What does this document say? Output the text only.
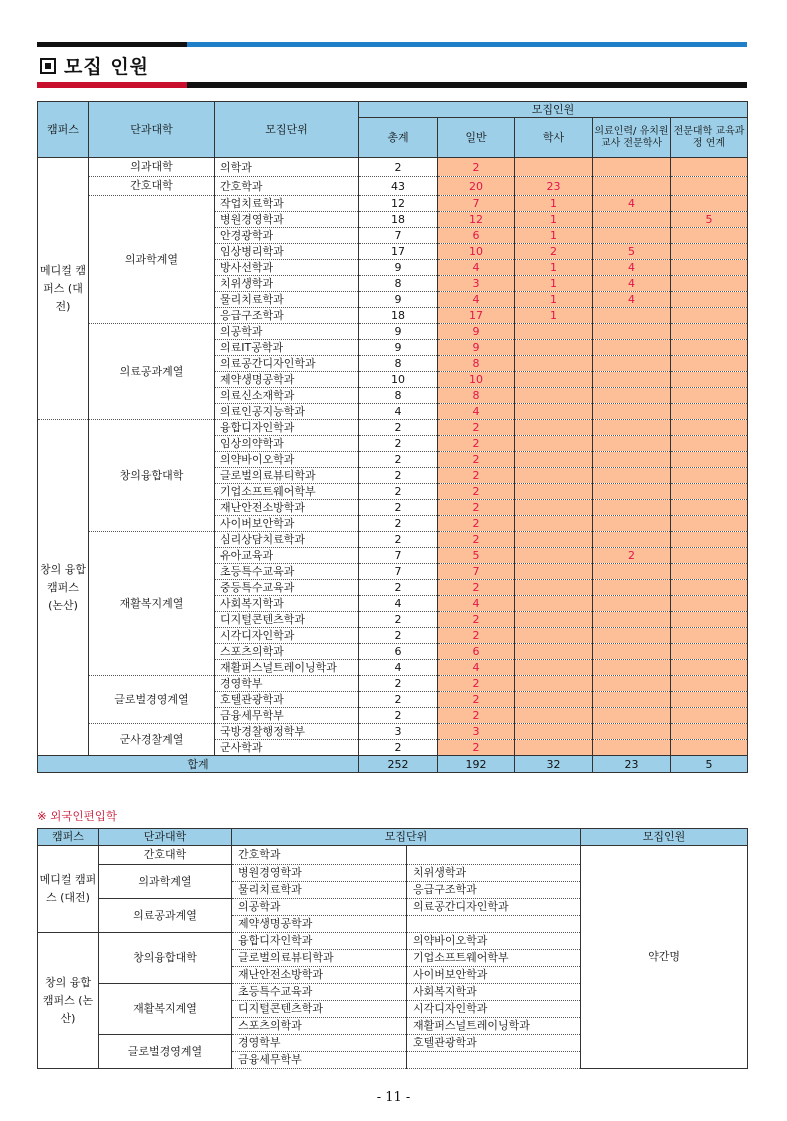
모집 인원
캠퍼스	단과대학	모집단위	모집인원				
			총계	일반	학사	의료인력/ 유치원교사 전문학사	전문대학 교육과정 연계
메디컬 캠퍼스 (대전)	의과대학	의학과	2	2			
	간호대학	간호학과	43	20	23		
	의과학계열	작업치료학과	12	7	1	4	
		병원경영학과	18	12	1		5
		안경광학과	7	6	1		
		임상병리학과	17	10	2	5	
		방사선학과	9	4	1	4	
		치위생학과	8	3	1	4	
		물리치료학과	9	4	1	4	
		응급구조학과	18	17	1		
	의료공과계열	의공학과	9	9			
		의료IT공학과	9	9			
		의료공간디자인학과	8	8			
		제약생명공학과	10	10			
		의료신소재학과	8	8			
		의료인공지능학과	4	4			
창의 융합 캠퍼스 (논산)	창의융합대학	융합디자인학과	2	2			
		임상의약학과	2	2			
		의약바이오학과	2	2			
		글로벌의료뷰티학과	2	2			
		기업소프트웨어학부	2	2			
		재난안전소방학과	2	2			
		사이버보안학과	2	2			
	재활복지계열	심리상담치료학과	2	2			
		유아교육과	7	5		2	
		초등특수교육과	7	7			
		중등특수교육과	2	2			
		사회복지학과	4	4			
		디지털콘텐츠학과	2	2			
		시각디자인학과	2	2			
		스포츠의학과	6	6			
		재활퍼스널트레이닝학과	4	4			
	글로벌경영계열	경영학부	2	2			
		호텔관광학과	2	2			
		금융세무학부	2	2			
	군사경찰계열	국방경찰행정학부	3	3			
		군사학과	2	2			
합계			252	192	32	23	5
※ 외국인편입학
캠퍼스	단과대학	모집단위		모집인원
메디컬 캠퍼스 (대전)	간호대학	간호학과		약간명
	의과학계열	병원경영학과	치위생학과	
		물리치료학과	응급구조학과	
	의료공과계열	의공학과	의료공간디자인학과	
		제약생명공학과		
창의 융합 캠퍼스 (논산)	창의융합대학	융합디자인학과	의약바이오학과	
		글로벌의료뷰티학과	기업소프트웨어학부	
		재난안전소방학과	사이버보안학과	
	재활복지계열	초등특수교육과	사회복지학과	
		디지털콘텐츠학과	시각디자인학과	
		스포츠의학과	재활퍼스널트레이닝학과	
	글로벌경영계열	경영학부	호텔관광학과	
		금융세무학부		
- 11 -
